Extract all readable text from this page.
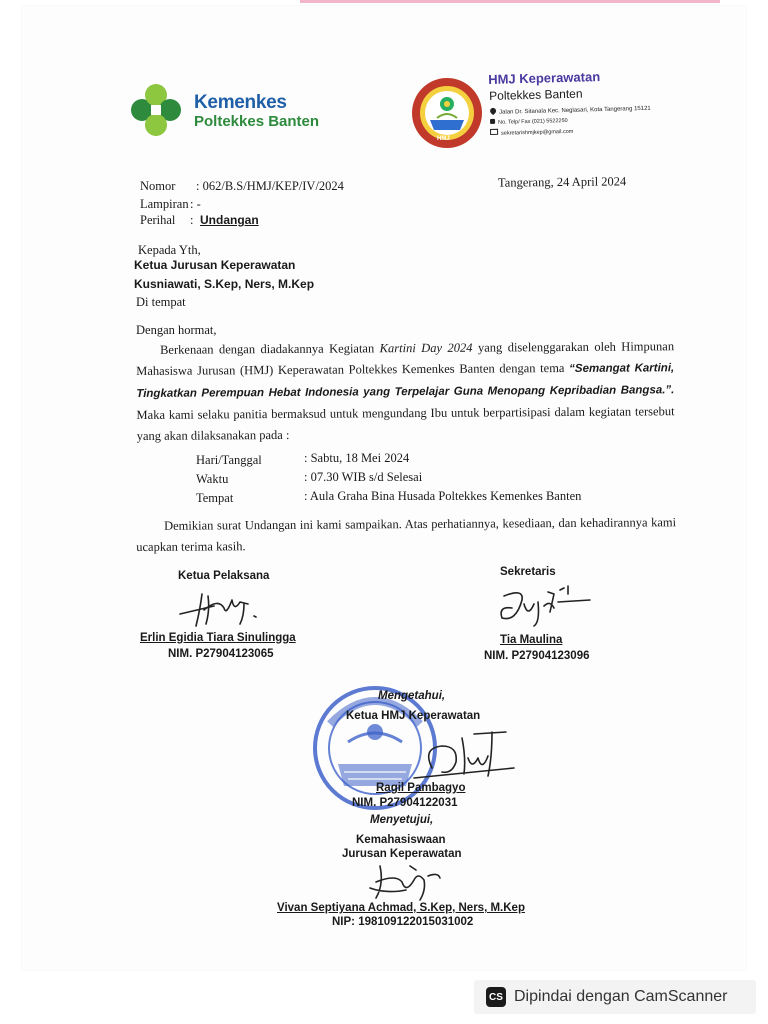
Kemenkes
Poltekkes Banten
HMJ
HMJ Keperawatan
Poltekkes Banten
Jalan Dr. Sitanala Kec. Neglasari, Kota Tangerang 15121
No. Telp/ Fax (021) 5522250
sekretarishmjkep@gmail.com
Nomor : 062/B.S/HMJ/KEP/IV/2024	Tangerang, 24 April 2024
Lampiran : -
Perihal : Undangan
Kepada Yth,
Ketua Jurusan Keperawatan
Kusniawati, S.Kep, Ners, M.Kep
Di tempat
Dengan hormat,
Berkenaan dengan diadakannya Kegiatan Kartini Day 2024 yang diselenggarakan oleh Himpunan Mahasiswa Jurusan (HMJ) Keperawatan Poltekkes Kemenkes Banten dengan tema “Semangat Kartini, Tingkatkan Perempuan Hebat Indonesia yang Terpelajar Guna Menopang Kepribadian Bangsa.”. Maka kami selaku panitia bermaksud untuk mengundang Ibu untuk berpartisipasi dalam kegiatan tersebut yang akan dilaksanakan pada :
Hari/Tanggal	: Sabtu, 18 Mei 2024
Waktu	: 07.30 WIB s/d Selesai
Tempat	: Aula Graha Bina Husada Poltekkes Kemenkes Banten
Demikian surat Undangan ini kami sampaikan. Atas perhatiannya, kesediaan, dan kehadirannya kami ucapkan terima kasih.
Ketua Pelaksana
Erlin Egidia Tiara Sinulingga
NIM. P27904123065
Sekretaris
Tia Maulina
NIM. P27904123096
Mengetahui,
Ketua HMJ Keperawatan
Ragil Pambagyo
NIM. P27904122031
Menyetujui,
Kemahasiswaan
Jurusan Keperawatan
Vivan Septiyana Achmad, S.Kep, Ners, M.Kep
NIP: 198109122015031002
CS Dipindai dengan CamScanner
